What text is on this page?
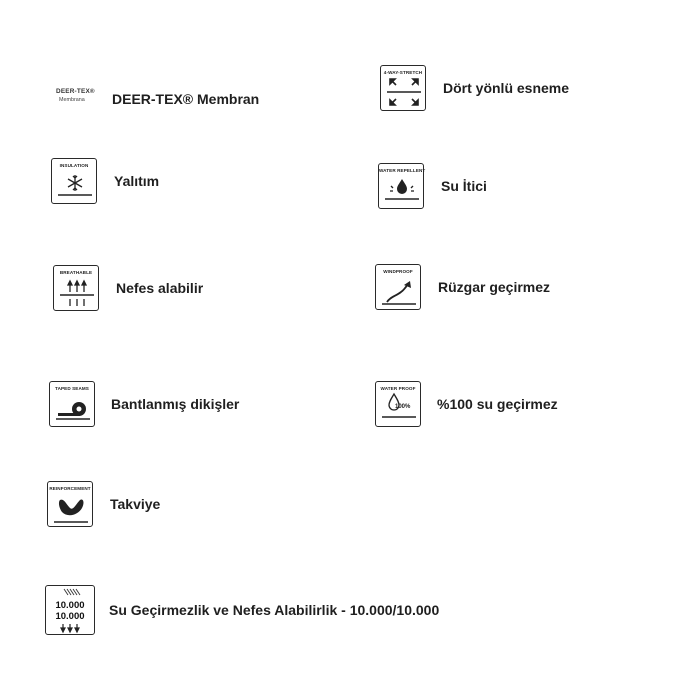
DEER-TEX®
Membrana DEER-TEX® Membran
4-WAY-STRETCH
Dört yönlü esneme
INSULATION
Yalıtım
WATER REPELLENT
Su İtici
BREATHABLE
Nefes alabilir
WINDPROOF
Rüzgar geçirmez
TAPED SEAMS
Bantlanmış dikişler
WATER PROOF
100% %100 su geçirmez
REINFORCEMENT
Takviye
10.000
10.000	Su Geçirmezlik ve Nefes Alabilirlik - 10.000/10.000
